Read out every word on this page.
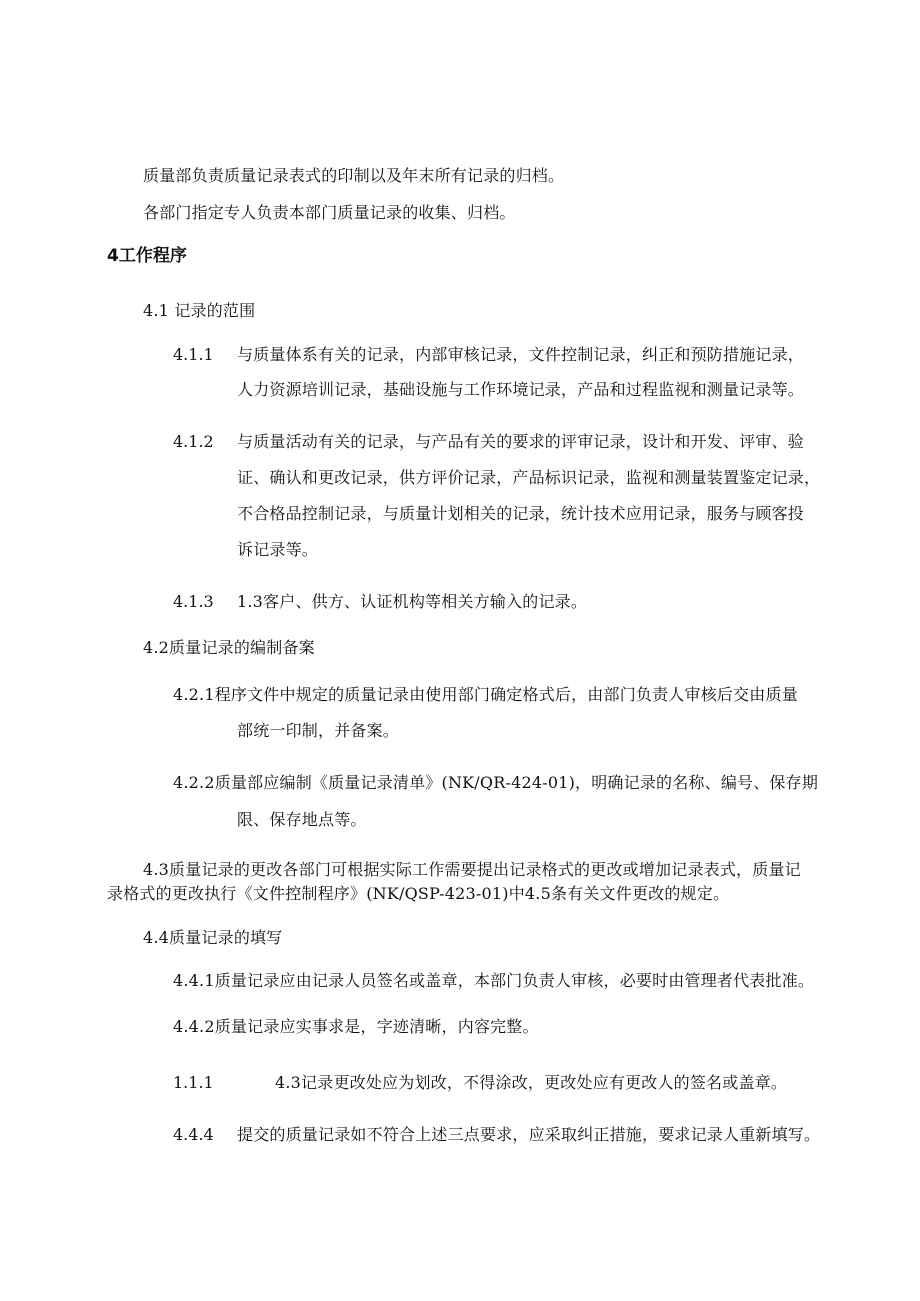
质量部负责质量记录表式的印制以及年末所有记录的归档。
各部门指定专人负责本部门质量记录的收集、归档。
4工作程序
4.1 记录的范围
4.1.1 与质量体系有关的记录，内部审核记录，文件控制记录，纠正和预防措施记录，
人力资源培训记录，基础设施与工作环境记录，产品和过程监视和测量记录等。
4.1.2 与质量活动有关的记录，与产品有关的要求的评审记录，设计和开发、评审、验
证、确认和更改记录，供方评价记录，产品标识记录，监视和测量装置鉴定记录，
不合格品控制记录，与质量计划相关的记录，统计技术应用记录，服务与顾客投
诉记录等。
4.1.3 1.3客户、供方、认证机构等相关方输入的记录。
4.2质量记录的编制备案
4.2.1程序文件中规定的质量记录由使用部门确定格式后，由部门负责人审核后交由质量
部统一印制，并备案。
4.2.2质量部应编制《质量记录清单》(NK/QR-424-01)，明确记录的名称、编号、保存期
限、保存地点等。
4.3质量记录的更改各部门可根据实际工作需要提出记录格式的更改或增加记录表式，质量记
录格式的更改执行《文件控制程序》(NK/QSP-423-01)中4.5条有关文件更改的规定。
4.4质量记录的填写
4.4.1质量记录应由记录人员签名或盖章，本部门负责人审核，必要时由管理者代表批准。
4.4.2质量记录应实事求是，字迹清晰，内容完整。
1.1.1	4.3记录更改处应为划改，不得涂改，更改处应有更改人的签名或盖章。
4.4.4 提交的质量记录如不符合上述三点要求，应采取纠正措施，要求记录人重新填写。
